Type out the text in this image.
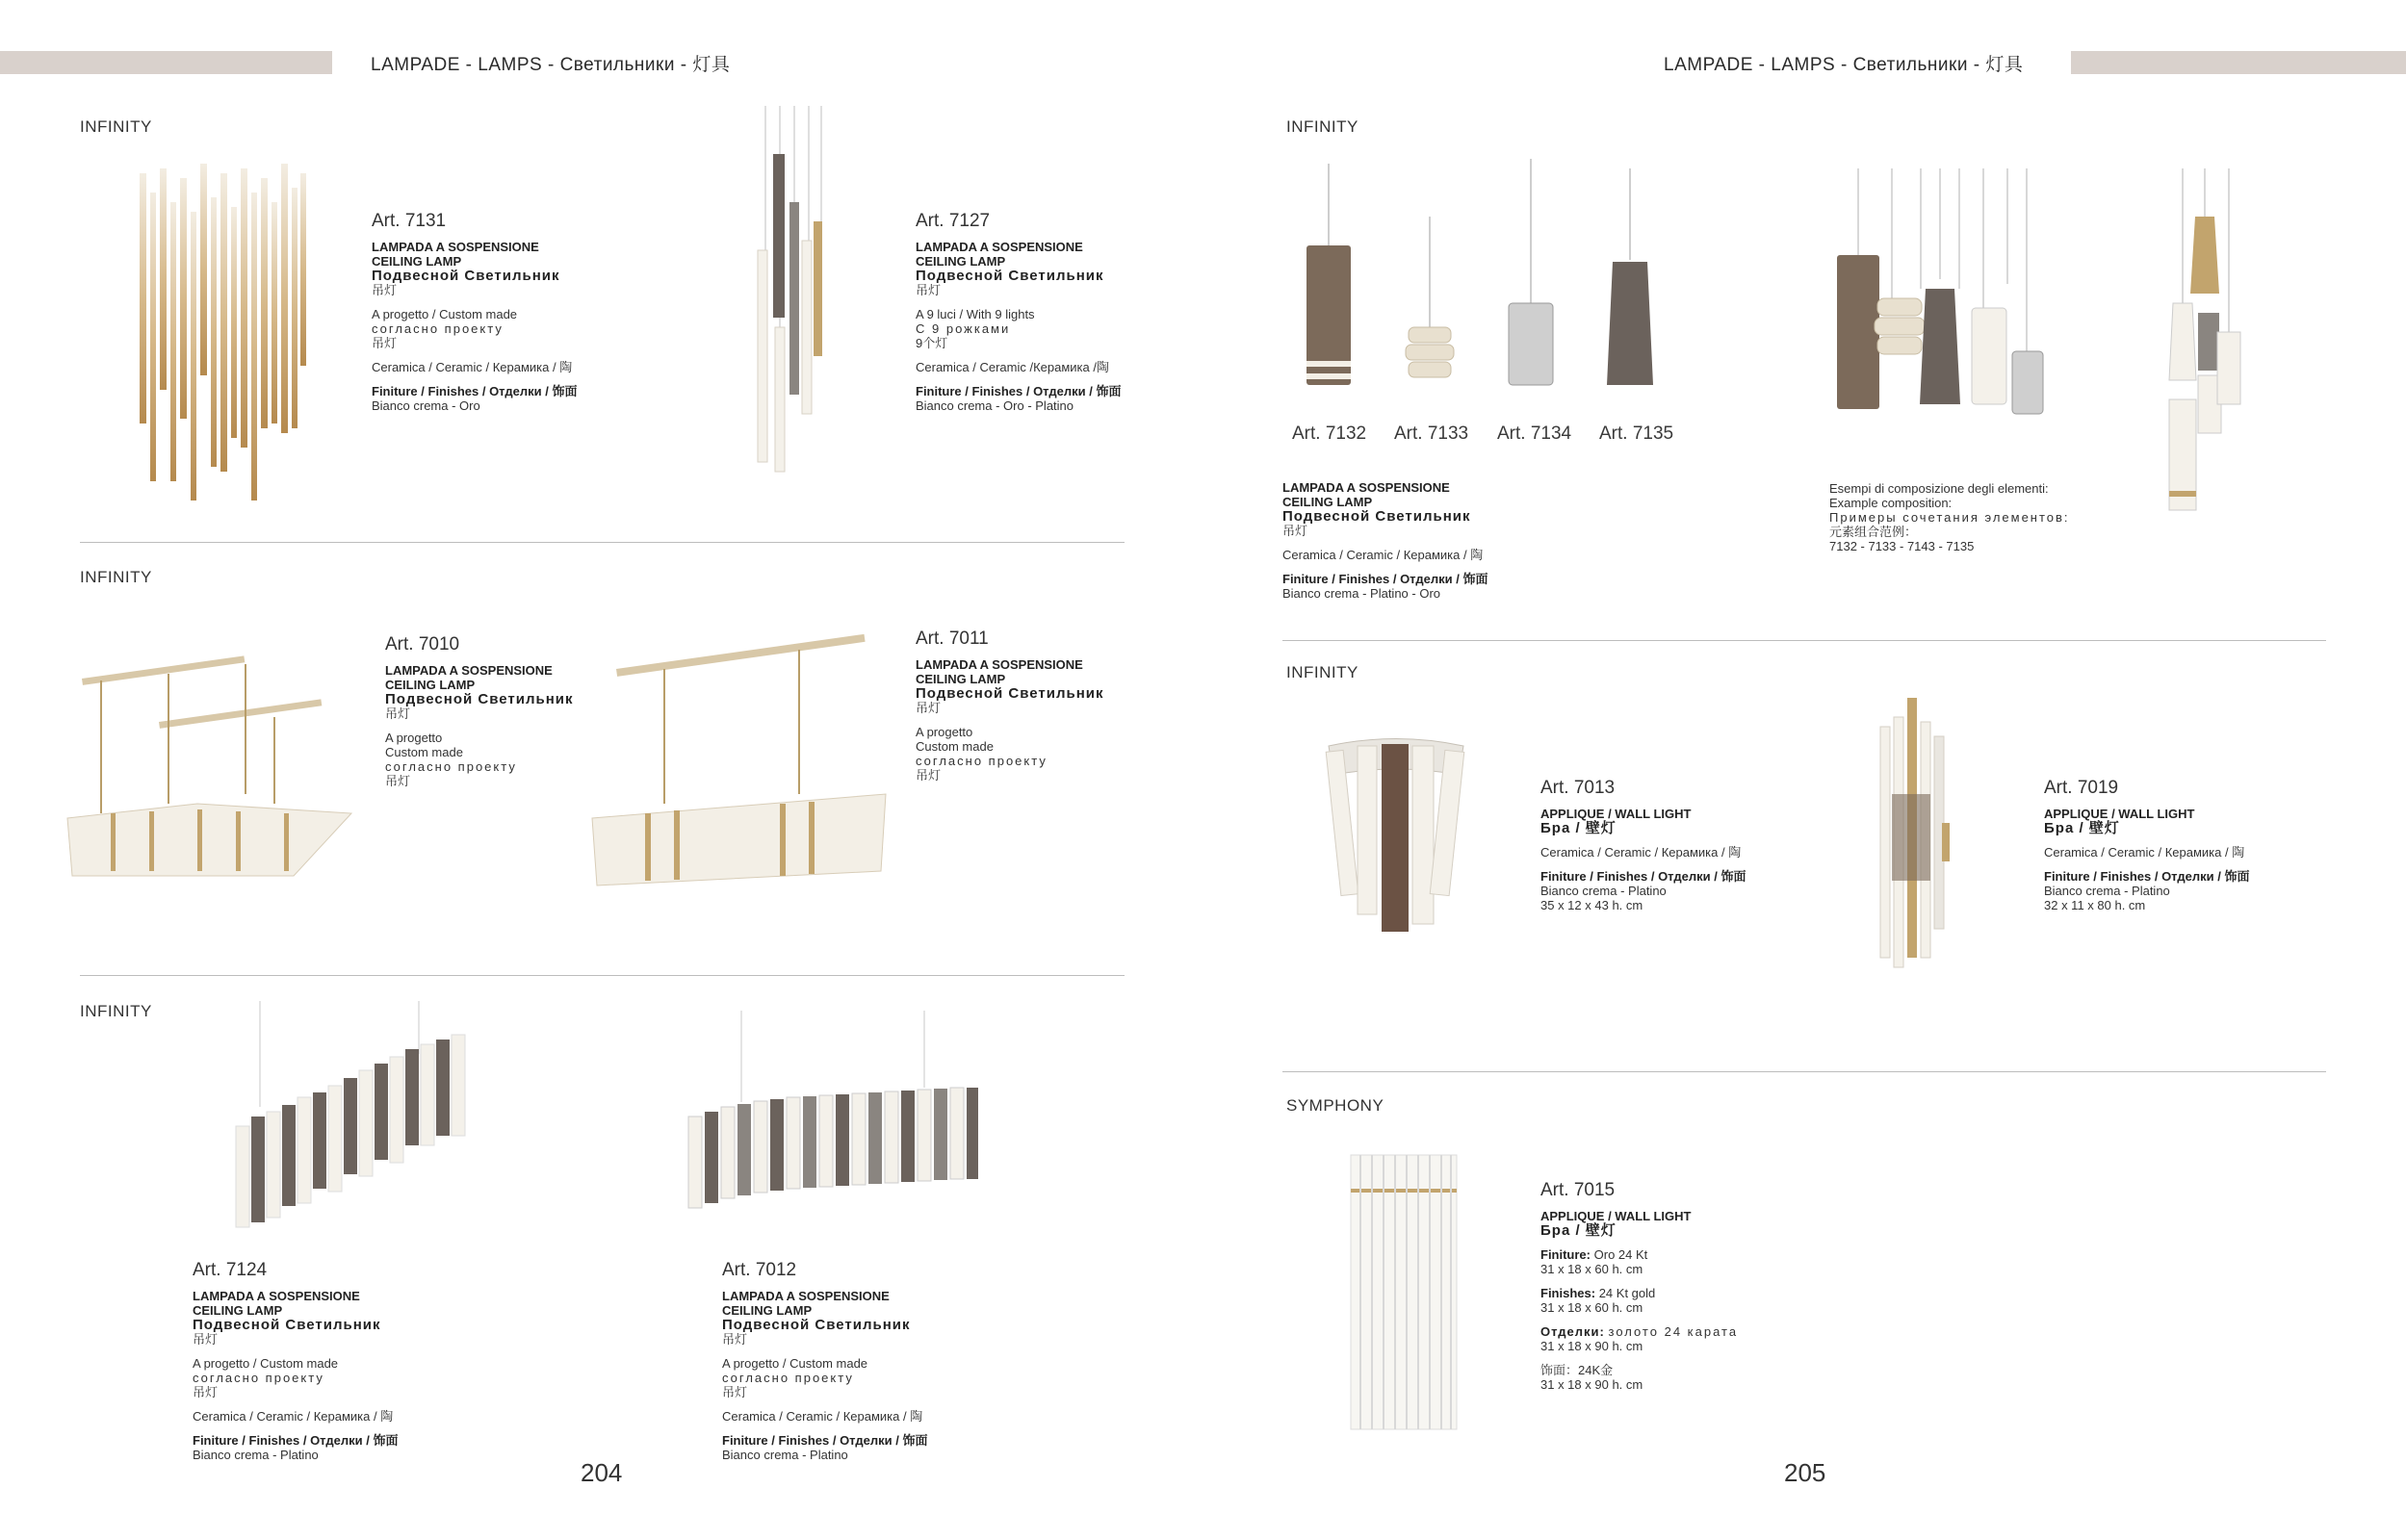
LAMPADE - LAMPS - Светильники - 灯具	LAMPADE - LAMPS - Светильники - 灯具
INFINITY
INFINITY
INFINITY
INFINITY
INFINITY
SYMPHONY
Art. 7132 Art. 7133 Art. 7134 Art. 7135
Art. 7131
LAMPADA A SOSPENSIONE
CEILING LAMP
Подвесной Светильник
吊灯
A progetto / Custom made
согласно проекту
吊灯
Ceramica / Ceramic / Керамика / 陶
Finiture / Finishes / Отделки / 饰面
Bianco crema - Oro
Art. 7127
LAMPADA A SOSPENSIONE
CEILING LAMP
Подвесной Светильник
吊灯
A 9 luci / With 9 lights
С 9 рожками
9个灯
Ceramica / Ceramic /Керамика /陶
Finiture / Finishes / Отделки / 饰面
Bianco crema - Oro - Platino
Art. 7010
LAMPADA A SOSPENSIONE
CEILING LAMP
Подвесной Светильник
吊灯
A progetto
Custom made
согласно проекту
吊灯
Art. 7011
LAMPADA A SOSPENSIONE
CEILING LAMP
Подвесной Светильник
吊灯
A progetto
Custom made
согласно проекту
吊灯
Art. 7124
LAMPADA A SOSPENSIONE
CEILING LAMP
Подвесной Светильник
吊灯
A progetto / Custom made
согласно проекту
吊灯
Ceramica / Ceramic / Керамика / 陶
Finiture / Finishes / Отделки / 饰面
Bianco crema - Platino
Art. 7012
LAMPADA A SOSPENSIONE
CEILING LAMP
Подвесной Светильник
吊灯
A progetto / Custom made
согласно проекту
吊灯
Ceramica / Ceramic / Керамика / 陶
Finiture / Finishes / Отделки / 饰面
Bianco crema - Platino
LAMPADA A SOSPENSIONE
CEILING LAMP
Подвесной Светильник
吊灯
Ceramica / Ceramic / Керамика / 陶
Finiture / Finishes / Отделки / 饰面
Bianco crema - Platino - Oro
Esempi di composizione degli elementi:
Example composition:
Примеры сочетания элементов:
元素组合范例：
7132 - 7133 - 7143 - 7135
Art. 7013
APPLIQUE / WALL LIGHT
Бра / 壁灯
Ceramica / Ceramic / Керамика / 陶
Finiture / Finishes / Отделки / 饰面
Bianco crema - Platino
35 x 12 x 43 h. cm
Art. 7019
APPLIQUE / WALL LIGHT
Бра / 壁灯
Ceramica / Ceramic / Керамика / 陶
Finiture / Finishes / Отделки / 饰面
Bianco crema - Platino
32 x 11 x 80 h. cm
Art. 7015
APPLIQUE / WALL LIGHT
Бра / 壁灯
Finiture: Oro 24 Kt
31 x 18 x 60 h. cm
Finishes: 24 Kt gold
31 x 18 x 60 h. cm
Отделки: золото 24 карата
31 x 18 x 90 h. cm
饰面：24K金
31 x 18 x 90 h. cm
204	205
